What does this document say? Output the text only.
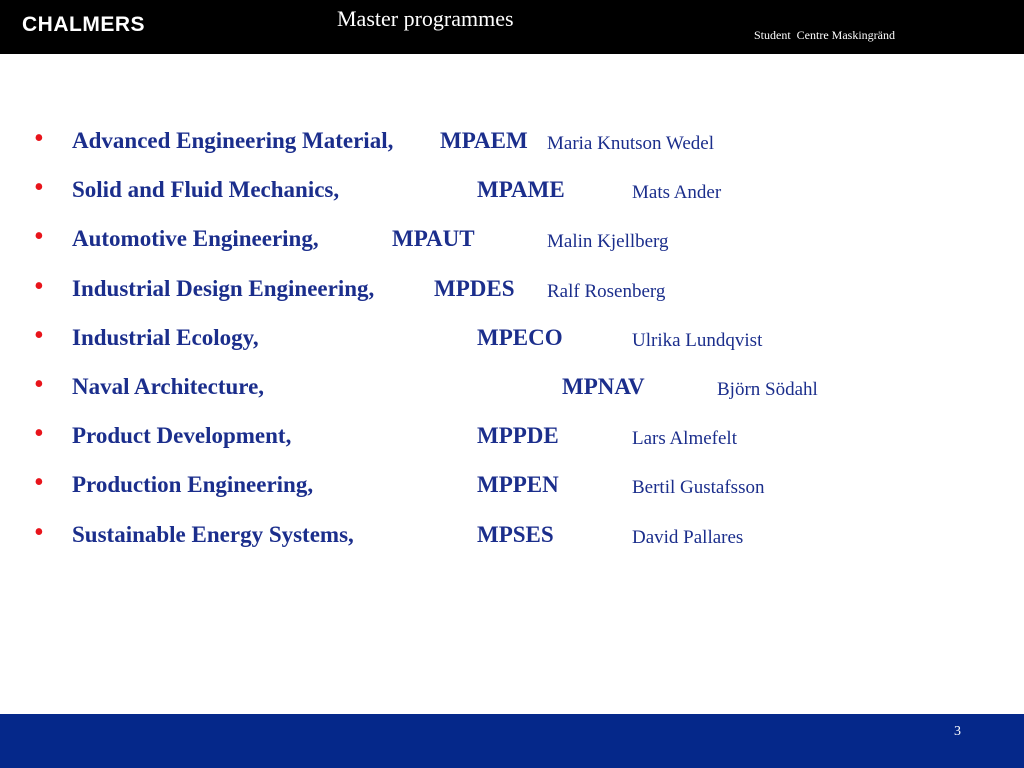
CHALMERS	Master programmes
Student  Centre Maskingränd
• Advanced Engineering Material, MPAEM Maria Knutson Wedel
• Solid and Fluid Mechanics,	MPAME	Mats Ander
• Automotive Engineering,	MPAUT	Malin Kjellberg
• Industrial Design Engineering,	MPDES Ralf Rosenberg
• Industrial Ecology,	MPECO	Ulrika Lundqvist
• Naval Architecture,	MPNAV	Björn Södahl
• Product Development,	MPPDE	Lars Almefelt
• Production Engineering,	MPPEN	Bertil Gustafsson
• Sustainable Energy Systems,	MPSES	David Pallares
3
